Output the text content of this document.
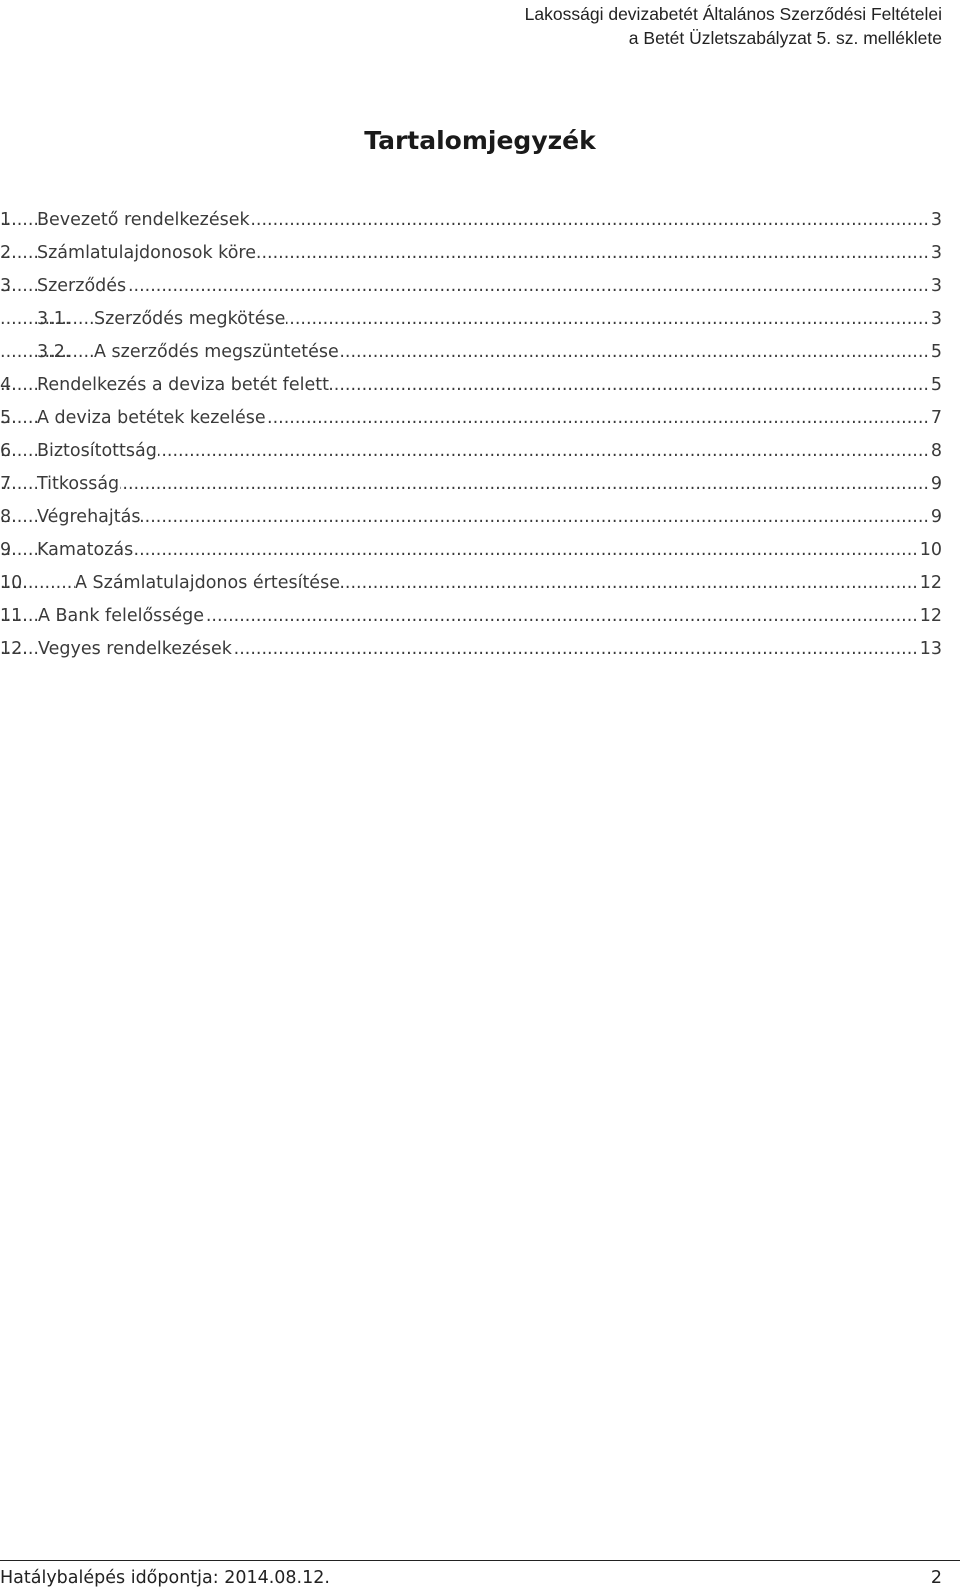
Lakossági devizabetét Általános Szerződési Feltételei
a Betét Üzletszabályzat 5. sz. melléklete
Tartalomjegyzék
.....
1. Bevezető rendelkezések	3
.....
2. Számlatulajdonosok köre	3
.....
3. Szerződés	3
.....
3.1. Szerződés megkötése	3
.....
3.2. A szerződés megszüntetése	5
.....
4. Rendelkezés a deviza betét felett	5
.....
5. A deviza betétek kezelése	7
.....
6. Biztosítottság	8
.....
7. Titkosság	9
.....
8. Végrehajtás	9
.....
9. Kamatozás	10
.....
10.	A Számlatulajdonos értesítése	12
.....
11. A Bank felelőssége	12
.....
12. Vegyes rendelkezések	13
Hatálybalépés időpontja: 2014.08.12.	2
